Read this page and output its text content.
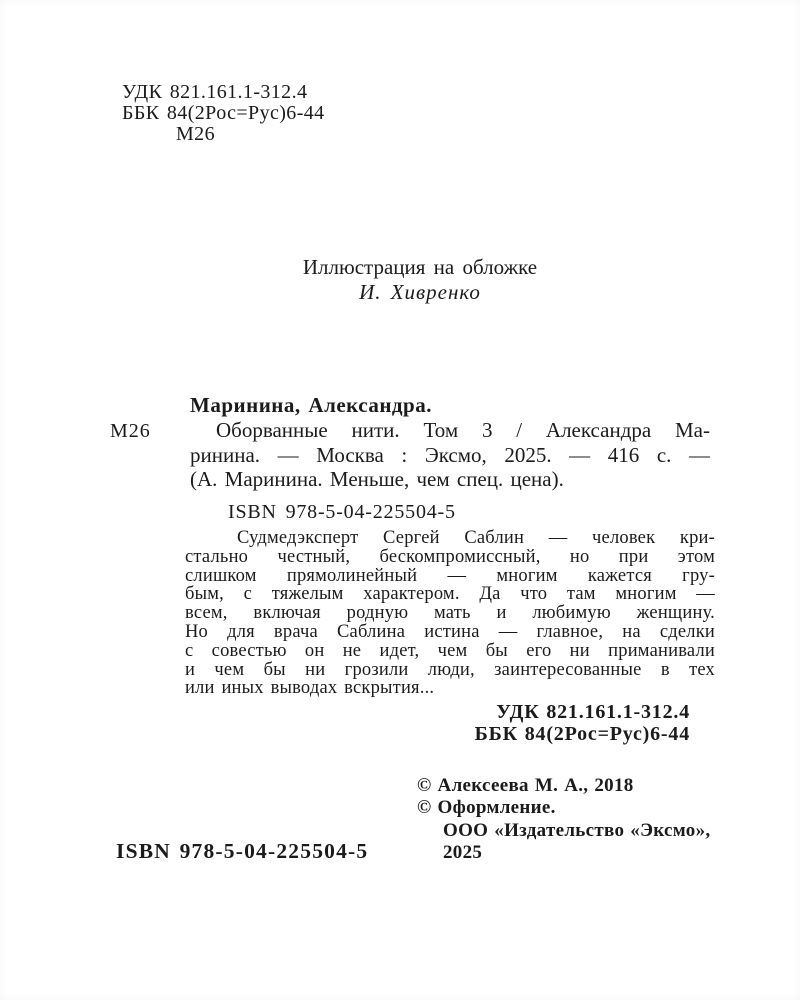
УДК 821.161.1-312.4
ББК 84(2Рос=Рус)6-44
М26
Иллюстрация на обложке
И. Хивренко
Маринина, Александра.
М26	Оборванные нити. Том 3 / Александра Ма-
ринина. — Москва : Эксмо, 2025. — 416 с. —
(А. Маринина. Меньше, чем спец. цена).
ISBN 978-5-04-225504-5
Судмедэксперт Сергей Саблин — человек кри-
стально честный, бескомпромиссный, но при этом
слишком прямолинейный — многим кажется гру-
бым, с тяжелым характером. Да что там многим —
всем, включая родную мать и любимую женщину.
Но для врача Саблина истина — главное, на сделки
с совестью он не идет, чем бы его ни приманивали
и чем бы ни грозили люди, заинтересованные в тех
или иных выводах вскрытия...
УДК 821.161.1-312.4
ББК 84(2Рос=Рус)6-44
© Алексеева М. А., 2018
© Оформление.
ООО «Издательство «Эксмо»,
2025
ISBN 978-5-04-225504-5
